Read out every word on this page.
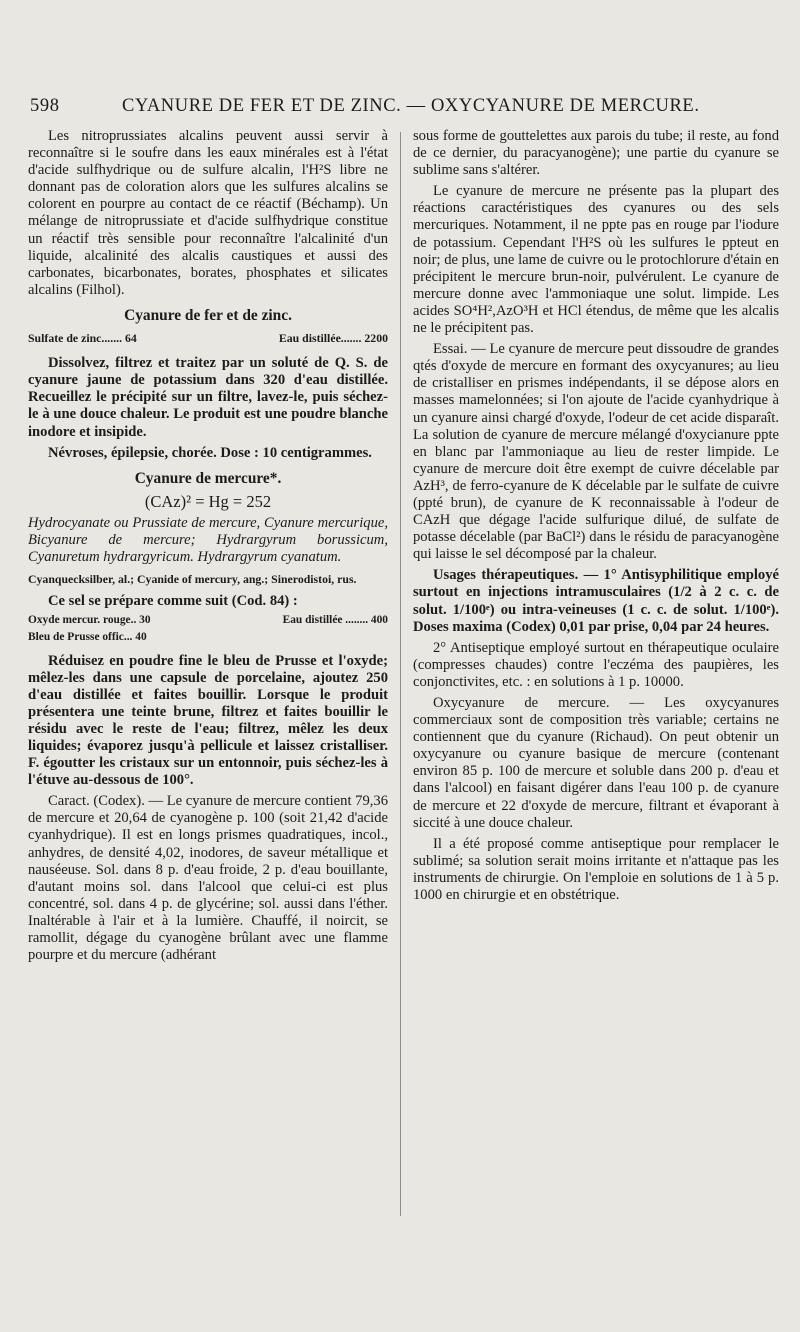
598	CYANURE DE FER ET DE ZINC. — OXYCYANURE DE MERCURE.

Les nitroprussiates alcalins peuvent aussi servir à reconnaître si le soufre dans les eaux minérales est à l'état d'acide sulfhydrique ou de sulfure alcalin, l'H²S libre ne donnant pas de coloration alors que les sulfures alcalins se colorent en pourpre au contact de ce réactif (Béchamp). Un mélange de nitroprussiate et d'acide sulfhydrique constitue un réactif très sensible pour reconnaître l'alcalinité d'un liquide, alcalinité des alcalis caustiques et aussi des carbonates, bicarbonates, borates, phosphates et silicates alcalins (Filhol).

Cyanure de fer et de zinc.
Sulfate de zinc....... 64	Eau distillée....... 2200

Dissolvez, filtrez et traitez par un soluté de Q. S. de cyanure jaune de potassium dans 320 d'eau distillée. Recueillez le précipité sur un filtre, lavez-le, puis séchez-le à une douce chaleur. Le produit est une poudre blanche inodore et insipide.

Névroses, épilepsie, chorée. Dose : 10 centigrammes.

Cyanure de mercure*.
(CAz)² = Hg = 252

Hydrocyanate ou Prussiate de mercure, Cyanure mercurique, Bicyanure de mercure; Hydrargyrum borussicum, Cyanuretum hydrargyricum. Hydrargyrum cyanatum.

Cyanquecksilber, al.; Cyanide of mercury, ang.; Sinerodistoi, rus.

Ce sel se prépare comme suit (Cod. 84) :

Oxyde mercur. rouge.. 30	Eau distillée ........ 400
Bleu de Prusse offic... 40

Réduisez en poudre fine le bleu de Prusse et l'oxyde; mêlez-les dans une capsule de porcelaine, ajoutez 250 d'eau distillée et faites bouillir. Lorsque le produit présentera une teinte brune, filtrez et faites bouillir le résidu avec le reste de l'eau; filtrez, mêlez les deux liquides; évaporez jusqu'à pellicule et laissez cristalliser. F. égoutter les cristaux sur un entonnoir, puis séchez-les à l'étuve au-dessous de 100°.

Caract. (Codex). — Le cyanure de mercure contient 79,36 de mercure et 20,64 de cyanogène p. 100 (soit 21,42 d'acide cyanhydrique). Il est en longs prismes quadratiques, incol., anhydres, de densité 4,02, inodores, de saveur métallique et nauséeuse. Sol. dans 8 p. d'eau froide, 2 p. d'eau bouillante, d'autant moins sol. dans l'alcool que celui-ci est plus concentré, sol. dans 4 p. de glycérine; sol. aussi dans l'éther. Inaltérable à l'air et à la lumière. Chauffé, il noircit, se ramollit, dégage du cyanogène brûlant avec une flamme pourpre et du mercure (adhérant

sous forme de gouttelettes aux parois du tube; il reste, au fond de ce dernier, du paracyanogène); une partie du cyanure se sublime sans s'altérer.

Le cyanure de mercure ne présente pas la plupart des réactions caractéristiques des cyanures ou des sels mercuriques. Notamment, il ne ppte pas en rouge par l'iodure de potassium. Cependant l'H²S où les sulfures le ppteut en noir; de plus, une lame de cuivre ou le protochlorure d'étain en précipitent le mercure brun-noir, pulvérulent. Le cyanure de mercure donne avec l'ammoniaque une solut. limpide. Les acides SO⁴H²,AzO³H et HCl étendus, de même que les alcalis ne le précipitent pas.

Essai. — Le cyanure de mercure peut dissoudre de grandes qtés d'oxyde de mercure en formant des oxycyanures; au lieu de cristalliser en prismes indépendants, il se dépose alors en masses mamelonnées; si l'on ajoute de l'acide cyanhydrique à un cyanure ainsi chargé d'oxyde, l'odeur de cet acide disparaît. La solution de cyanure de mercure mélangé d'oxycianure ppte en blanc par l'ammoniaque au lieu de rester limpide. Le cyanure de mercure doit être exempt de cuivre décelable par AzH³, de ferro-cyanure de K décelable par le sulfate de cuivre (ppté brun), de cyanure de K reconnaissable à l'odeur de CAzH que dégage l'acide sulfurique dilué, de sulfate de potasse décelable (par BaCl²) dans le résidu de paracyanogène qui laisse le sel décomposé par la chaleur.

Usages thérapeutiques. — 1° Antisyphilitique employé surtout en injections intramusculaires (1/2 à 2 c. c. de solut. 1/100ᵉ) ou intra-veineuses (1 c. c. de solut. 1/100ᵉ). Doses maxima (Codex) 0,01 par prise, 0,04 par 24 heures.

2° Antiseptique employé surtout en thérapeutique oculaire (compresses chaudes) contre l'eczéma des paupières, les conjonctivites, etc. : en solutions à 1 p. 10000.

Oxycyanure de mercure. — Les oxycyanures commerciaux sont de composition très variable; certains ne contiennent que du cyanure (Richaud). On peut obtenir un oxycyanure ou cyanure basique de mercure (contenant environ 85 p. 100 de mercure et soluble dans 200 p. d'eau et dans l'alcool) en faisant digérer dans l'eau 100 p. de cyanure de mercure et 22 d'oxyde de mercure, filtrant et évaporant à siccité à une douce chaleur.

Il a été proposé comme antiseptique pour remplacer le sublimé; sa solution serait moins irritante et n'attaque pas les instruments de chirurgie. On l'emploie en solutions de 1 à 5 p. 1000 en chirurgie et en obstétrique.
